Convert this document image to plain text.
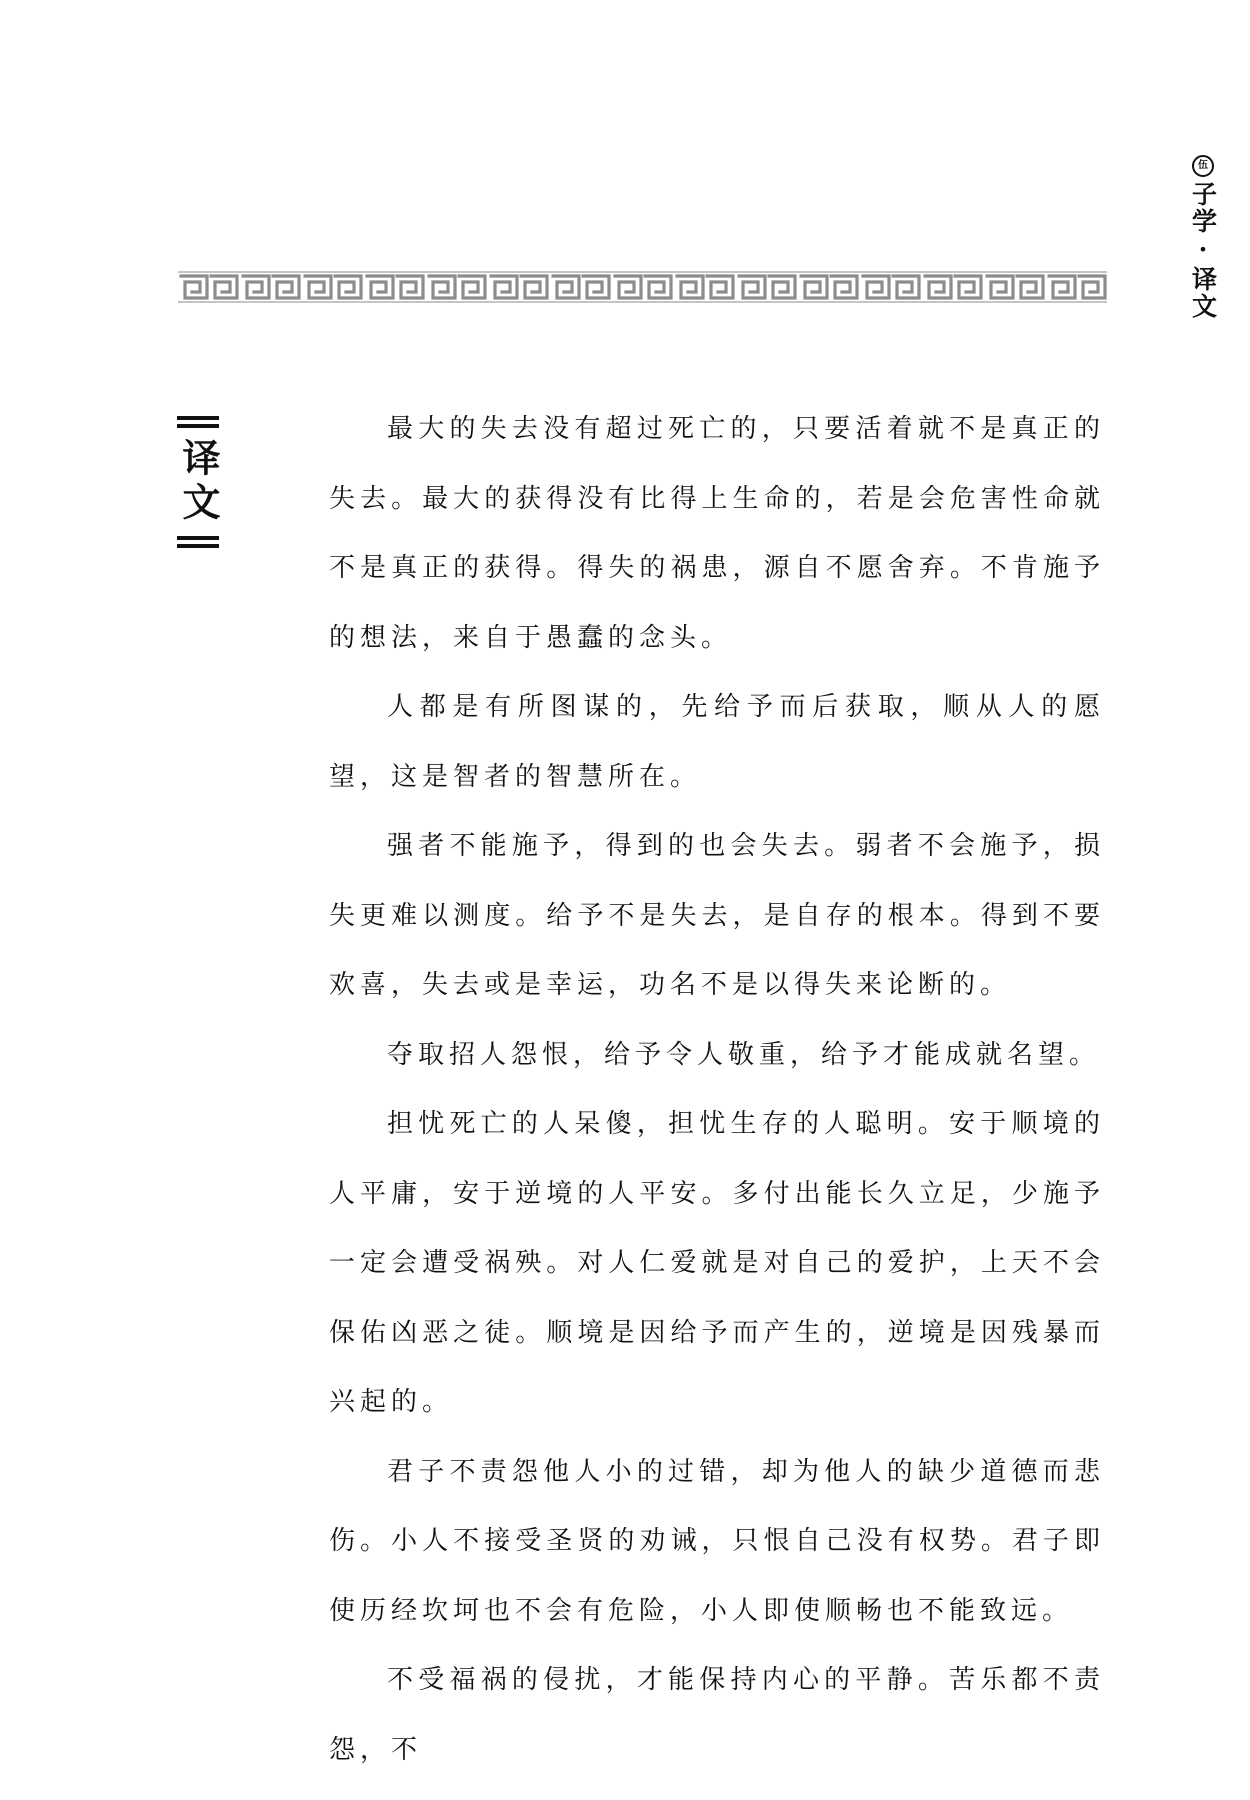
伍
子学·译文
译文

最大的失去没有超过死亡的，只要活着就不是真正的失去。最大的获得没有比得上生命的，若是会危害性命就不是真正的获得。得失的祸患，源自不愿舍弃。不肯施予的想法，来自于愚蠢的念头。

人都是有所图谋的，先给予而后获取，顺从人的愿望，这是智者的智慧所在。

强者不能施予，得到的也会失去。弱者不会施予，损失更难以测度。给予不是失去，是自存的根本。得到不要欢喜，失去或是幸运，功名不是以得失来论断的。

夺取招人怨恨，给予令人敬重，给予才能成就名望。

担忧死亡的人呆傻，担忧生存的人聪明。安于顺境的人平庸，安于逆境的人平安。多付出能长久立足，少施予一定会遭受祸殃。对人仁爱就是对自己的爱护，上天不会保佑凶恶之徒。顺境是因给予而产生的，逆境是因残暴而兴起的。

君子不责怨他人小的过错，却为他人的缺少道德而悲伤。小人不接受圣贤的劝诫，只恨自己没有权势。君子即使历经坎坷也不会有危险，小人即使顺畅也不能致远。

不受福祸的侵扰，才能保持内心的平静。苦乐都不责怨，不
